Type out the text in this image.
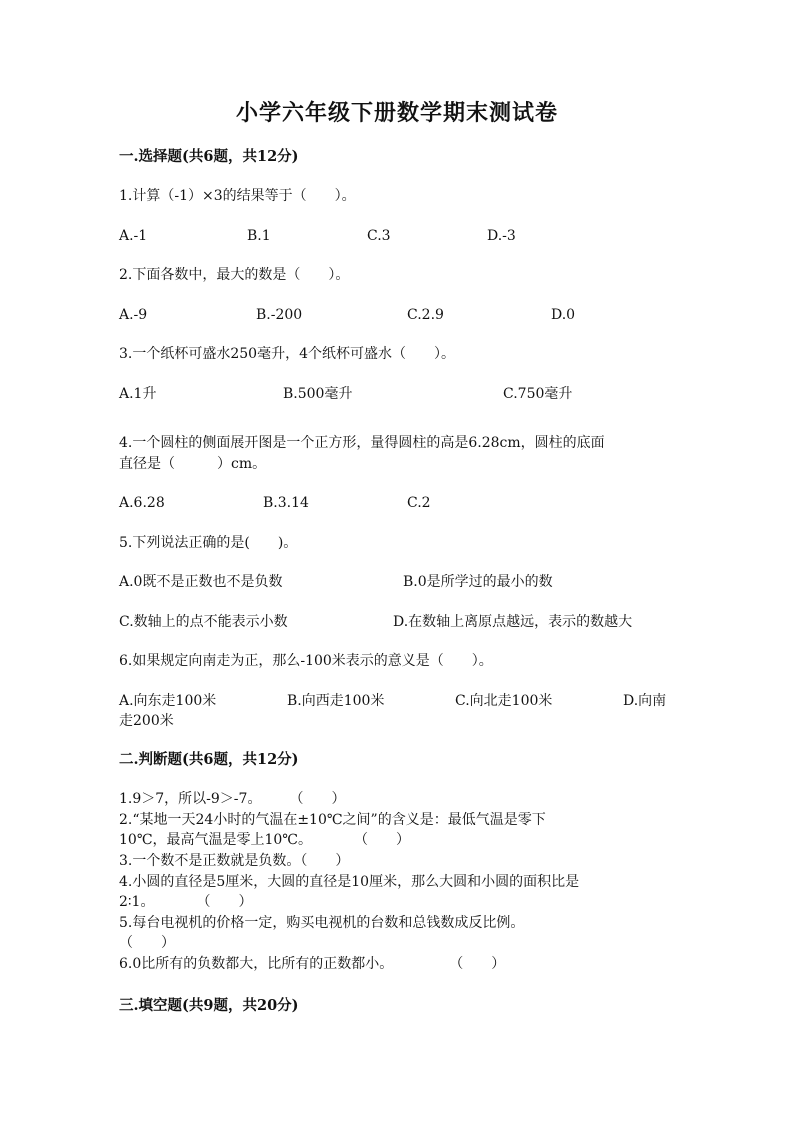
小学六年级下册数学期末测试卷
一.选择题(共6题，共12分)
1.计算（-1）×3的结果等于（　　）。
A.-1	B.1	C.3	D.-3
2.下面各数中，最大的数是（　　）。
A.-9	B.-200	C.2.9	D.0
3.一个纸杯可盛水250毫升，4个纸杯可盛水（　　）。
A.1升	B.500毫升	C.750毫升
4.一个圆柱的侧面展开图是一个正方形，量得圆柱的高是6.28cm，圆柱的底面
直径是（　　　）cm。
A.6.28	B.3.14	C.2
5.下列说法正确的是(　　)。
A.0既不是正数也不是负数	B.0是所学过的最小的数
C.数轴上的点不能表示小数	D.在数轴上离原点越远，表示的数越大
6.如果规定向南走为正，那么-100米表示的意义是（　　）。
A.向东走100米	B.向西走100米	C.向北走100米	D.向南
走200米
二.判断题(共6题，共12分)
1.9＞7，所以-9＞-7。　　　（　　）
2.“某地一天24小时的气温在±10℃之间”的含义是：最低气温是零下
10℃，最高气温是零上10℃。　　　　（　　）
3.一个数不是正数就是负数。（　　）
4.小圆的直径是5厘米，大圆的直径是10厘米，那么大圆和小圆的面积比是
2∶1。　　　　（　　）
5.每台电视机的价格一定，购买电视机的台数和总钱数成反比例。
（　　）
6.0比所有的负数都大，比所有的正数都小。　　　　　（　　）
三.填空题(共9题，共20分)
